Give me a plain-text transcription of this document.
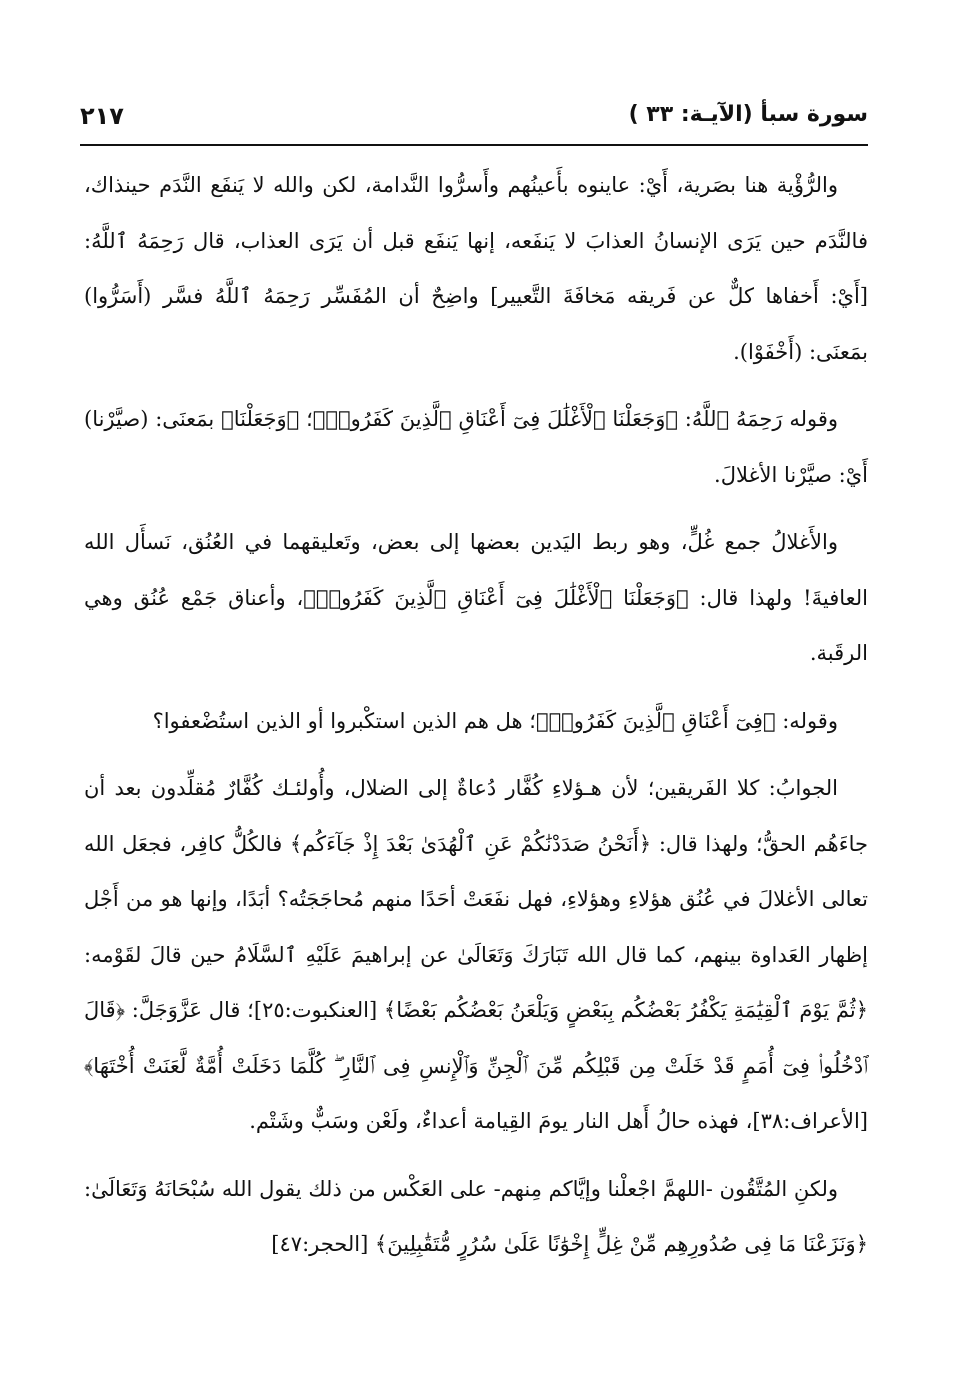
سورة سبأ (الآيـة: ٣٣ )
٢١٧

والرُّؤْية هنا بصَرية، أَيْ: عاينوه بأَعينُهم وأَسرُّوا النَّدامة، لكن والله لا يَنفَع النَّدَم حينذاك، فالنَّدَم حين يَرَى الإنسانُ العذابَ لا يَنفَعه، إنها يَنفَع قبل أن يَرَى العذاب، قال رَحِمَهُ ٱللَّهُ: [أَيْ: أَخفاها كلٌّ عن فَريقه مَخافَةَ التَّعيير] واضِحٌ أن المُفَسِّر رَحِمَهُ ٱللَّهُ فسَّر (أَسَرُّوا) بمَعنَى: (أَخْفَوْا).

وقوله رَحِمَهُ ٱللَّهُ: ﴿وَجَعَلْنَا ٱلْأَغْلَٰلَ فِىٓ أَعْنَاقِ ٱلَّذِينَ كَفَرُوا۟﴾؛ ﴿وَجَعَلْنَا﴾ بمَعنَى: (صيَّرْنا) أَيْ: صيَّرْنا الأغلالَ.

والأَغلالُ جمع غُلٍّ، وهو ربط اليَدين بعضها إلى بعض، وتَعليقهما في العُنُق، نَسأَل الله العافيةَ! ولهذا قال: ﴿وَجَعَلْنَا ٱلْأَغْلَٰلَ فِىٓ أَعْنَاقِ ٱلَّذِينَ كَفَرُوا۟﴾، وأعناق جَمْع عُنُق وهي الرقَبة.

وقوله: ﴿فِىٓ أَعْنَاقِ ٱلَّذِينَ كَفَرُوا۟﴾؛ هل هم الذين استكْبروا أو الذين استُضْعفوا؟

الجوابُ: كلا الفَريقين؛ لأن هـؤلاءِ كُفَّار دُعاةٌ إلى الضلال، وأُولئـك كُفَّارٌ مُقلِّدون بعد أن جاءَهُم الحقُّ؛ ولهذا قال: ﴿أَنَحْنُ صَدَدْنَٰكُمْ عَنِ ٱلْهُدَىٰ بَعْدَ إِذْ جَآءَكُم﴾ فالكُلُّ كافِر، فجعَل الله تعالى الأغلالَ في عُنُق هؤلاءِ وهؤلاءِ، فهل نفَعَتْ أحَدًا منهم مُحاجَجَتُه؟ أبَدًا، وإنها هو من أَجْل إظهار العَداوة بينهم، كما قال الله تَبَارَكَ وَتَعَالَىٰ عن إبراهيمَ عَلَيْهِ ٱلسَّلَامُ حين قالَ لقَوْمه: ﴿ثُمَّ يَوْمَ ٱلْقِيَٰمَةِ يَكْفُرُ بَعْضُكُم بِبَعْضٍ وَيَلْعَنُ بَعْضُكُم بَعْضًا﴾ [العنكبوت:٢٥]؛ قال عَزَّوَجَلَّ: ﴿قَالَ ٱدْخُلُوا۟ فِىٓ أُمَمٍ قَدْ خَلَتْ مِن قَبْلِكُم مِّنَ ٱلْجِنِّ وَٱلْإِنسِ فِى ٱلنَّارِ ۖ كُلَّمَا دَخَلَتْ أُمَّةٌ لَّعَنَتْ أُخْتَهَا﴾ [الأعراف:٣٨]، فهذه حالُ أَهل النار يومَ القِيامة أعداءٌ، ولَعْن وسَبٌّ وشَتْم.

ولكنِ المُتَّقُون -اللهمَّ اجْعلْنا وإيَّاكم مِنهم- على العَكْس من ذلك يقول الله سُبْحَانَهُ وَتَعَالَىٰ: ﴿وَنَزَعْنَا مَا فِى صُدُورِهِم مِّنْ غِلٍّ إِخْوَٰنًا عَلَىٰ سُرُرٍ مُّتَقَٰبِلِينَ﴾ [الحجر:٤٧]
